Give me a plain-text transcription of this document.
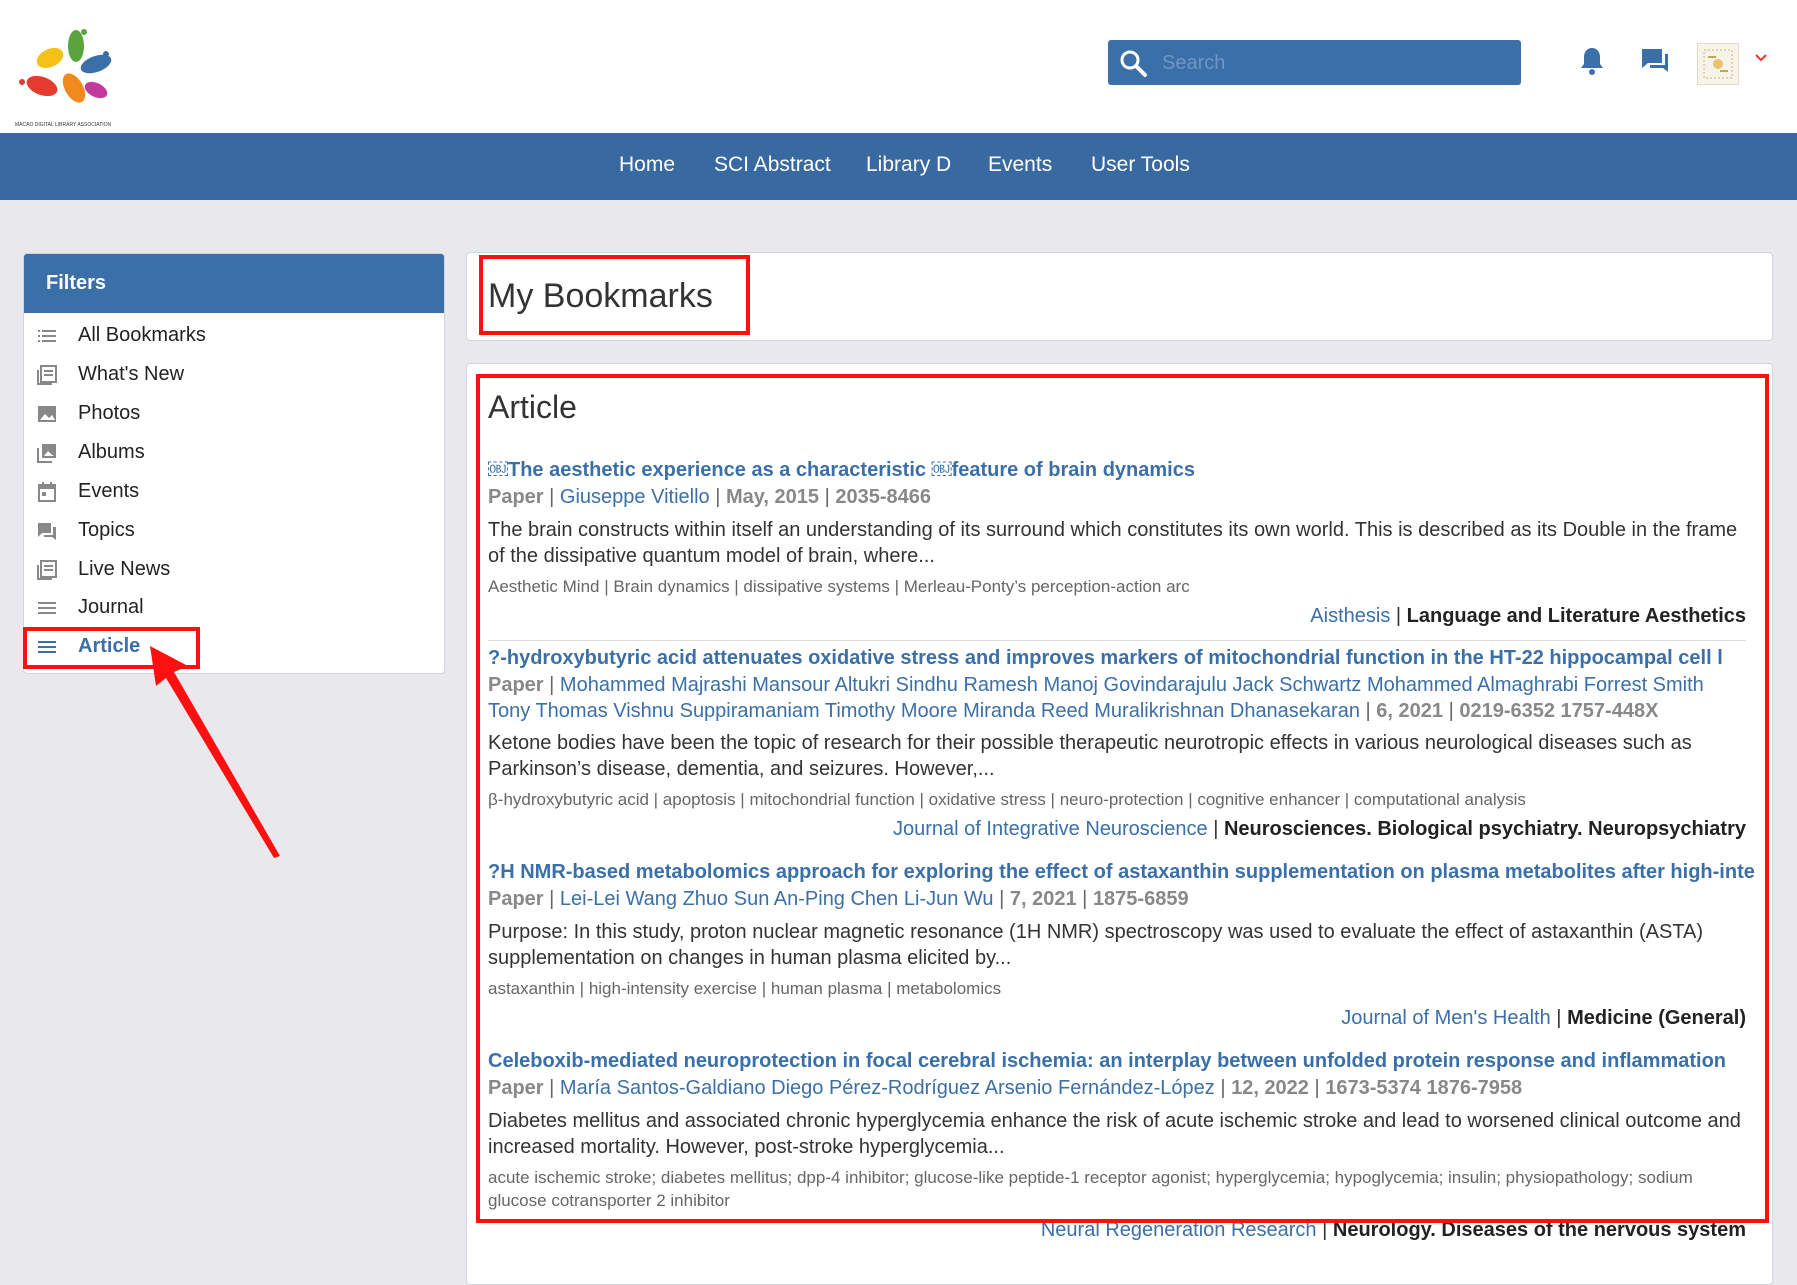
MACAO DIGITAL LIBRARY ASSOCIATION
Search
Home SCI Abstract Library D Events User Tools
Filters
All Bookmarks
What's New
Photos
Albums
Events
Topics
Live News
Journal
Article
My Bookmarks
Article
￼The aesthetic experience as a characteristic ￼feature of brain dynamics
Paper | Giuseppe Vitiello | May, 2015 | 2035-8466
The brain constructs within itself an understanding of its surround which constitutes its own world. This is described as its Double in the frame of the dissipative quantum model of brain, where...
Aesthetic Mind | Brain dynamics | dissipative systems | Merleau-Ponty’s perception-action arc
Aisthesis | Language and Literature Aesthetics
?-hydroxybutyric acid attenuates oxidative stress and improves markers of mitochondrial function in the HT-22 hippocampal cell l
Paper | Mohammed Majrashi Mansour Altukri Sindhu Ramesh Manoj Govindarajulu Jack Schwartz Mohammed Almaghrabi Forrest Smith Tony Thomas Vishnu Suppiramaniam Timothy Moore Miranda Reed Muralikrishnan Dhanasekaran | 6, 2021 | 0219-6352 1757-448X
Ketone bodies have been the topic of research for their possible therapeutic neurotropic effects in various neurological diseases such as Parkinson’s disease, dementia, and seizures. However,...
β-hydroxybutyric acid | apoptosis | mitochondrial function | oxidative stress | neuro-protection | cognitive enhancer | computational analysis
Journal of Integrative Neuroscience | Neurosciences. Biological psychiatry. Neuropsychiatry
?H NMR-based metabolomics approach for exploring the effect of astaxanthin supplementation on plasma metabolites after high-inte
Paper | Lei-Lei Wang Zhuo Sun An-Ping Chen Li-Jun Wu | 7, 2021 | 1875-6859
Purpose: In this study, proton nuclear magnetic resonance (1H NMR) spectroscopy was used to evaluate the effect of astaxanthin (ASTA) supplementation on changes in human plasma elicited by...
astaxanthin | high-intensity exercise | human plasma | metabolomics
Journal of Men's Health | Medicine (General)
Celeboxib-mediated neuroprotection in focal cerebral ischemia: an interplay between unfolded protein response and inflammation
Paper | María Santos-Galdiano Diego Pérez-Rodríguez Arsenio Fernández-López | 12, 2022 | 1673-5374 1876-7958
Diabetes mellitus and associated chronic hyperglycemia enhance the risk of acute ischemic stroke and lead to worsened clinical outcome and increased mortality. However, post-stroke hyperglycemia...
acute ischemic stroke; diabetes mellitus; dpp-4 inhibitor; glucose-like peptide-1 receptor agonist; hyperglycemia; hypoglycemia; insulin; physiopathology; sodium glucose cotransporter 2 inhibitor
Neural Regeneration Research | Neurology. Diseases of the nervous system
